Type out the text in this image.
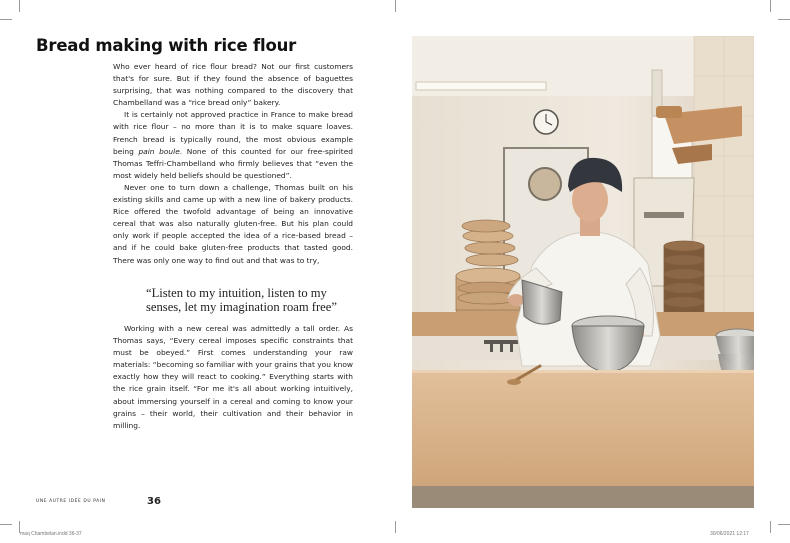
maq Chambelan.indd 36-37	30/06/2021 12:17
Bread making with rice flour

Who ever heard of rice flour bread? Not our first customers that's for sure. But if they found the absence of baguettes surprising, that was nothing compared to the discovery that Chambelland was a “rice bread only” bakery.

It is certainly not approved practice in France to make bread with rice flour – no more than it is to make square loaves. French bread is typically round, the most obvious example being pain boule. None of this counted for our free-spirited Thomas Teffri-Chambelland who firmly believes that “even the most widely held beliefs should be questioned”.

Never one to turn down a challenge, Thomas built on his existing skills and came up with a new line of bakery products. Rice offered the twofold advantage of being an innovative cereal that was also naturally gluten-free. But his plan could only work if people accepted the idea of a rice-based bread – and if he could bake gluten-free products that tasted good. There was only one way to find out and that was to try,

“Listen to my intuition, listen to my
senses, let my imagination roam free”

Working with a new cereal was admittedly a tall order. As Thomas says, “Every cereal imposes specific constraints that must be obeyed.” First comes understanding your raw materials: “becoming so familiar with your grains that you know exactly how they will react to cooking.” Everything starts with the rice grain itself. “For me it's all about working intuitively, about immersing yourself in a cereal and coming to know your grains – their world, their cultivation and their behavior in milling.

UNE AUTRE IDÉE DU PAIN	36
